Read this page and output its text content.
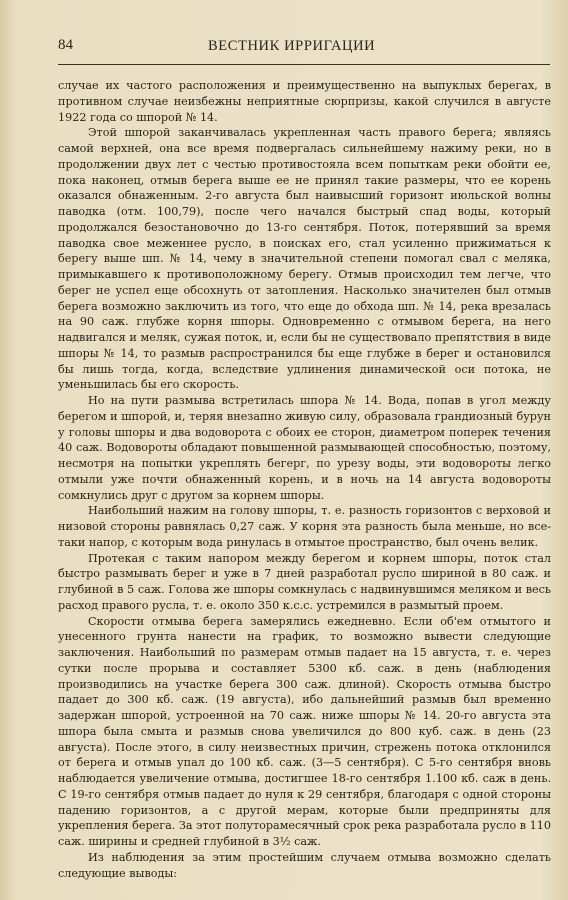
84	ВЕСТНИК ИРРИГАЦИИ

случае их частого расположения и преимущественно на выпуклых берегах, в противном случае неизбежны неприятные сюрпризы, какой случился в августе 1922 года со шпорой № 14.

Этой шпорой заканчивалась укрепленная часть правого берега; являясь самой верхней, она все время подвергалась сильнейшему нажиму реки, но в продолжении двух лет с честью противостояла всем попыткам реки обойти ее, пока наконец, отмыв берега выше ее не принял такие размеры, что ее корень оказался обнаженным. 2-го августа был наивысший горизонт июльской волны паводка (отм. 100,79), после чего начался быстрый спад воды, который продолжался безостановочно до 13-го сентября. Поток, потерявший за время паводка свое меженнее русло, в поисках его, стал усиленно прижиматься к берегу выше шп. № 14, чему в значительной степени помогал свал с меляка, примыкавшего к противоположному берегу. Отмыв происходил тем легче, что берег не успел еще обсохнуть от затопления. Насколько значителен был отмыв берега возможно заключить из того, что еще до обхода шп. № 14, река врезалась на 90 саж. глубже корня шпоры. Одновременно с отмывом берега, на него надвигался и меляк, сужая поток, и, если бы не существовало препятствия в виде шпоры № 14, то размыв распространился бы еще глубже в берег и остановился бы лишь тогда, когда, вследствие удлинения динамической оси потока, не уменьшилась бы его скорость.

Но на пути размыва встретилась шпора № 14. Вода, попав в угол между берегом и шпорой, и, теряя внезапно живую силу, образовала грандиозный бурун у головы шпоры и два водоворота с обоих ее сторон, диаметром поперек течения 40 саж. Водовороты обладают повышенной размывающей способностью, поэтому, несмотря на попытки укреплять бегерг, по урезу воды, эти водовороты легко отмыли уже почти обнаженный корень, и в ночь на 14 августа водовороты сомкнулись друг с другом за корнем шпоры.

Наибольший нажим на голову шпоры, т. е. разность горизонтов с верховой и низовой стороны равнялась 0,27 саж. У корня эта разность была меньше, но все-таки напор, с которым вода ринулась в отмытое пространство, был очень велик.

Протекая с таким напором между берегом и корнем шпоры, поток стал быстро размывать берег и уже в 7 дней разработал русло шириной в 80 саж. и глубиной в 5 саж. Голова же шпоры сомкнулась с надвинувшимся меляком и весь расход правого русла, т. е. около 350 к.с.с. устремился в размытый проем.

Скорости отмыва берега замерялись ежедневно. Если об'ем отмытого и унесенного грунта нанести на график, то возможно вывести следующие заключения. Наибольший по размерам отмыв падает на 15 августа, т. е. через сутки после прорыва и составляет 5300 кб. саж. в день (наблюдения производились на участке берега 300 саж. длиной). Скорость отмыва быстро падает до 300 кб. саж. (19 августа), ибо дальнейший размыв был временно задержан шпорой, устроенной на 70 саж. ниже шпоры № 14. 20-го августа эта шпора была смыта и размыв снова увеличился до 800 куб. саж. в день (23 августа). После этого, в силу неизвестных причин, стрежень потока отклонился от берега и отмыв упал до 100 кб. саж. (3—5 сентября). С 5-го сентября вновь наблюдается увеличение отмыва, достигшее 18-го сентября 1.100 кб. саж в день. С 19-го сентября отмыв падает до нуля к 29 сентября, благодаря с одной стороны падению горизонтов, а с другой мерам, которые были предприняты для укрепления берега. За этот полуторамесячный срок река разработала русло в 110 саж. ширины и средней глубиной в 3½ саж.

Из наблюдения за этим простейшим случаем отмыва возможно сделать следующие выводы:
